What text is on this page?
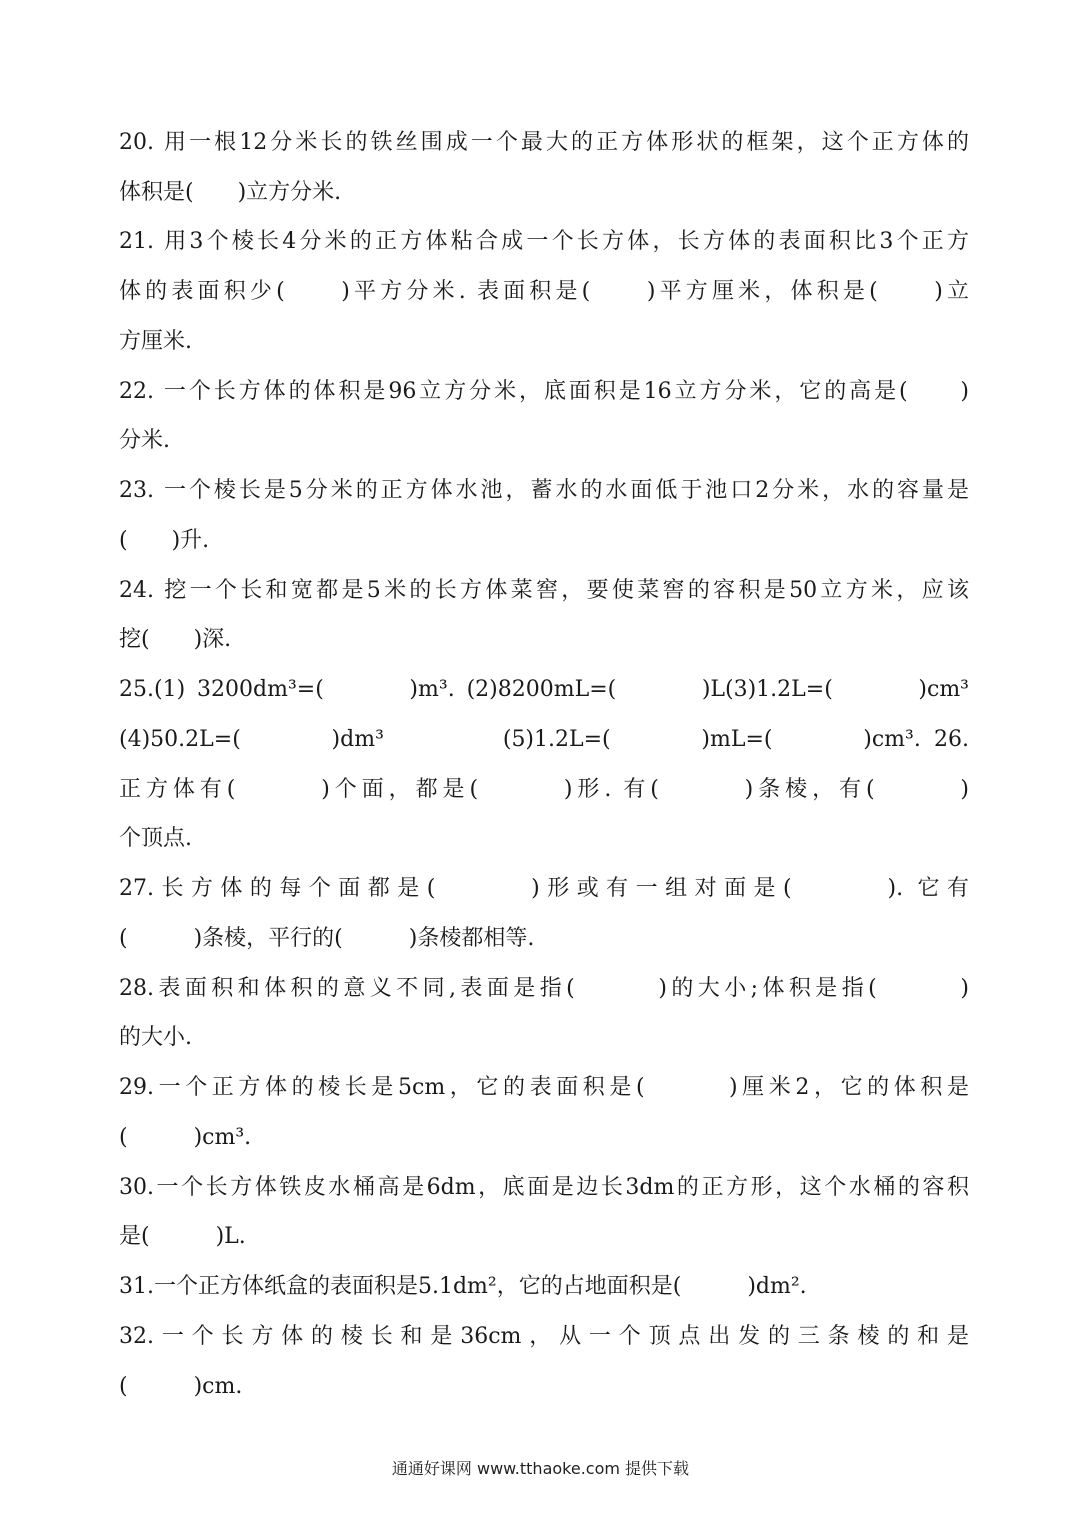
20. 用一根12分米长的铁丝围成一个最大的正方体形状的框架，这个正方体的
体积是(　　)立方分米.
21. 用3个棱长4分米的正方体粘合成一个长方体，长方体的表面积比3个正方
体的表面积少(　　)平方分米. 表面积是(　　)平方厘米，体积是(　　)立
方厘米.
22. 一个长方体的体积是96立方分米，底面积是16立方分米，它的高是(　　)
分米.
23. 一个棱长是5分米的正方体水池，蓄水的水面低于池口2分米，水的容量是
(　　)升.
24. 挖一个长和宽都是5米的长方体菜窖，要使菜窖的容积是50立方米，应该
挖(　　)深.
25.(1) 3200dm³=(　　　)m³. (2)8200mL=(　　　)L(3)1.2L=(　　　)cm³
(4)50.2L=(　　　)dm³　　　　(5)1.2L=(　　　)mL=(　　　)cm³. 26.
正方体有(　　　)个面，都是(　　　)形. 有(　　　)条棱，有(　　　)
个顶点.
27.长方体的每个面都是(　　　)形或有一组对面是(　　　). 它有
(　　　)条棱，平行的(　　　)条棱都相等.
28.表面积和体积的意义不同,表面是指(　　　)的大小;体积是指(　　　)
的大小.
29.一个正方体的棱长是5cm，它的表面积是(　　　)厘米2，它的体积是
(　　　)cm³.
30.一个长方体铁皮水桶高是6dm，底面是边长3dm的正方形，这个水桶的容积
是(　　　)L.
31.一个正方体纸盒的表面积是5.1dm²，它的占地面积是(　　　)dm².
32.一个长方体的棱长和是36cm，从一个顶点出发的三条棱的和是
(　　　)cm.
通通好课网 www.tthaoke.com 提供下载
